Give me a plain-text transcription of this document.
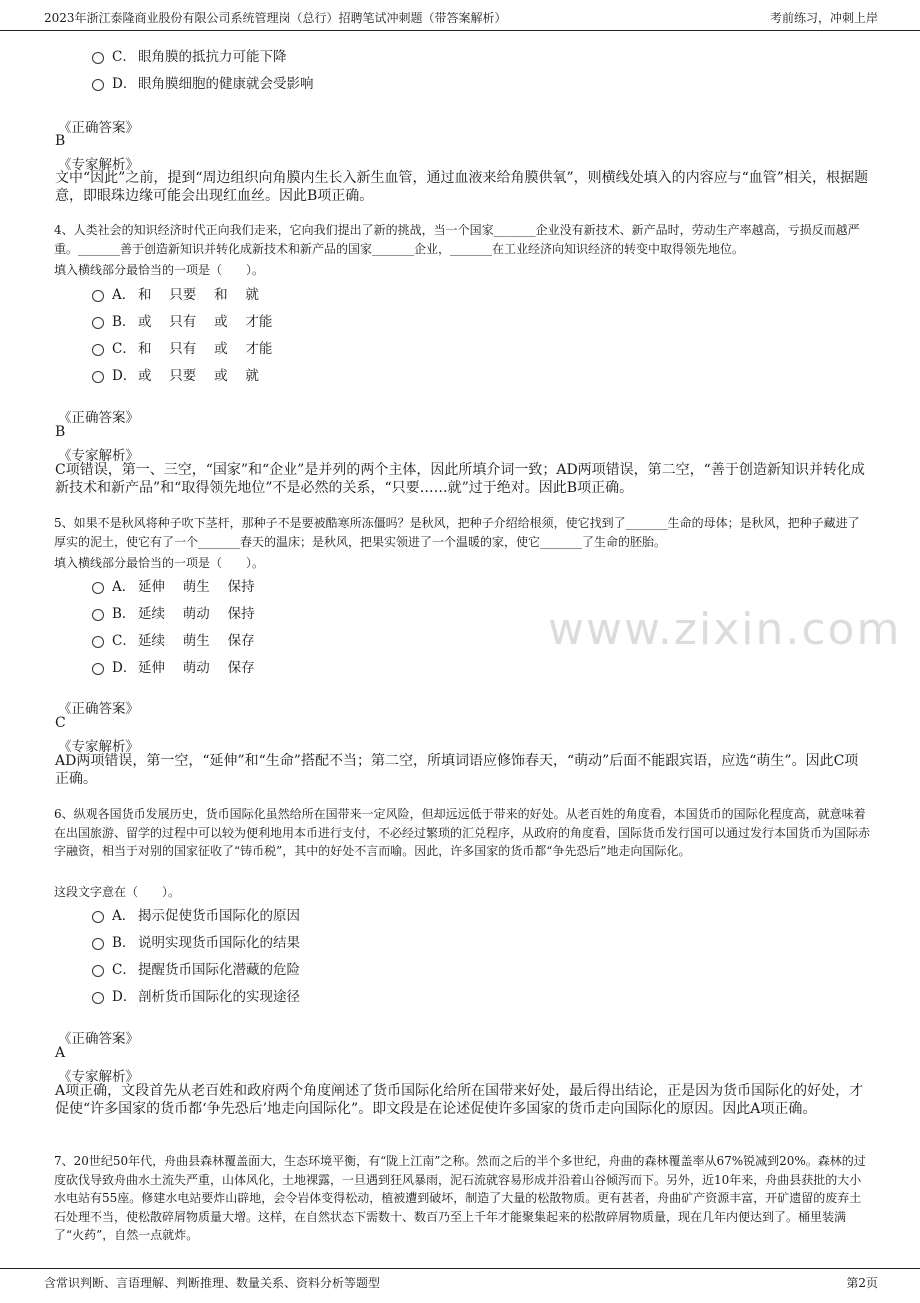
2023年浙江泰隆商业股份有限公司系统管理岗（总行）招聘笔试冲刺题（带答案解析）	考前练习，冲刺上岸
www.zixin.com
C． 眼角膜的抵抗力可能下降
D． 眼角膜细胞的健康就会受影响
《正确答案》
B
《专家解析》
文中“因此”之前，提到“周边组织向角膜内生长入新生血管，通过血液来给角膜供氧”，则横线处填入的内容应与“血管”相关，根据题意，即眼珠边缘可能会出现红血丝。因此B项正确。
4、人类社会的知识经济时代正向我们走来，它向我们提出了新的挑战，当一个国家_______企业没有新技术、新产品时，劳动生产率越高，亏损反而越严重。_______善于创造新知识并转化成新技术和新产品的国家_______企业，_______在工业经济向知识经济的转变中取得领先地位。
填入横线部分最恰当的一项是（　　）。
A． 和　 只要　 和　 就
B． 或　 只有　 或　 才能
C． 和　 只有　 或　 才能
D． 或　 只要　 或　 就
《正确答案》
B
《专家解析》
C项错误，第一、三空，“国家”和“企业”是并列的两个主体，因此所填介词一致；AD两项错误，第二空，“善于创造新知识并转化成新技术和新产品”和“取得领先地位”不是必然的关系，“只要……就”过于绝对。因此B项正确。
5、如果不是秋风将种子吹下茎杆，那种子不是要被酷寒所冻僵吗？是秋风，把种子介绍给根须，使它找到了_______生命的母体；是秋风，把种子藏进了厚实的泥土，使它有了一个_______春天的温床；是秋风，把果实领进了一个温暖的家，使它_______了生命的胚胎。
填入横线部分最恰当的一项是（　　）。
A． 延伸　 萌生　 保持
B． 延续　 萌动　 保持
C． 延续　 萌生　 保存
D． 延伸　 萌动　 保存
《正确答案》
C
《专家解析》
AD两项错误，第一空，“延伸”和“生命”搭配不当；第二空，所填词语应修饰春天，“萌动”后面不能跟宾语，应选“萌生”。因此C项正确。
6、纵观各国货币发展历史，货币国际化虽然给所在国带来一定风险，但却远远低于带来的好处。从老百姓的角度看，本国货币的国际化程度高，就意味着在出国旅游、留学的过程中可以较为便利地用本币进行支付，不必经过繁琐的汇兑程序，从政府的角度看，国际货币发行国可以通过发行本国货币为国际赤字融资，相当于对别的国家征收了“铸币税”，其中的好处不言而喻。因此，许多国家的货币都“争先恐后”地走向国际化。
这段文字意在（　　）。
A． 揭示促使货币国际化的原因
B． 说明实现货币国际化的结果
C． 提醒货币国际化潜藏的危险
D． 剖析货币国际化的实现途径
《正确答案》
A
《专家解析》
A项正确，文段首先从老百姓和政府两个角度阐述了货币国际化给所在国带来好处，最后得出结论，正是因为货币国际化的好处，才促使“许多国家的货币都‘争先恐后’地走向国际化”。即文段是在论述促使许多国家的货币走向国际化的原因。因此A项正确。
7、20世纪50年代，舟曲县森林覆盖面大，生态环境平衡，有“陇上江南”之称。然而之后的半个多世纪，舟曲的森林覆盖率从67%锐减到20%。森林的过度砍伐导致舟曲水土流失严重，山体风化，土地裸露，一旦遇到狂风暴雨，泥石流就容易形成并沿着山谷倾泻而下。另外，近10年来，舟曲县获批的大小水电站有55座。修建水电站要炸山辟地，会令岩体变得松动，植被遭到破坏，制造了大量的松散物质。更有甚者，舟曲矿产资源丰富，开矿遗留的废弃土石处理不当，使松散碎屑物质量大增。这样，在自然状态下需数十、数百乃至上千年才能聚集起来的松散碎屑物质量，现在几年内便达到了。桶里装满了“火药”，自然一点就炸。
含常识判断、言语理解、判断推理、数量关系、资料分析等题型	第2页
